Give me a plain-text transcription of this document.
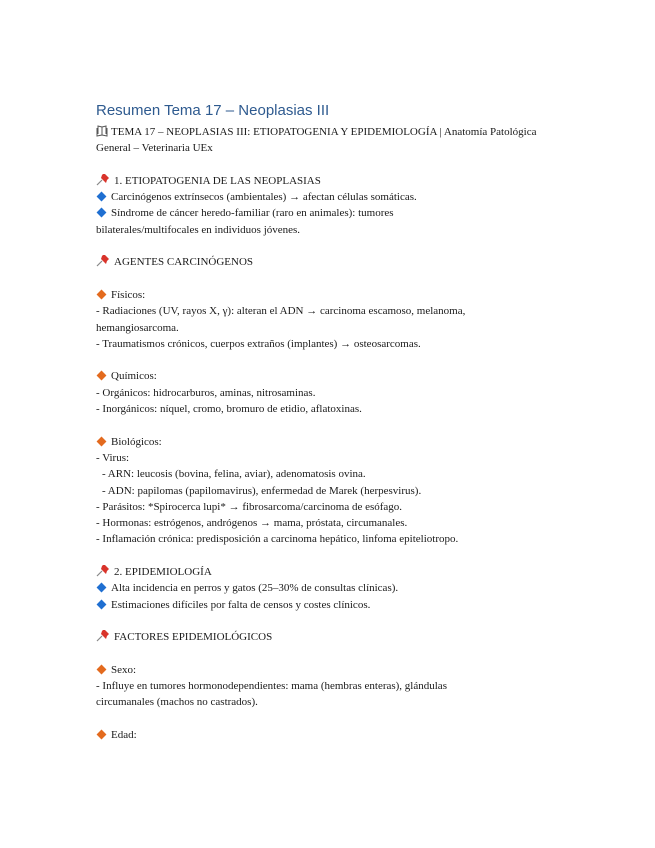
Resumen Tema 17 – Neoplasias III
TEMA 17 – NEOPLASIAS III: ETIOPATOGENIA Y EPIDEMIOLOGÍA | Anatomía Patológica
General – Veterinaria UEx
1. ETIOPATOGENIA DE LAS NEOPLASIAS
Carcinógenos extrínsecos (ambientales) → afectan células somáticas.
Síndrome de cáncer heredo-familiar (raro en animales): tumores
bilaterales/multifocales en individuos jóvenes.
AGENTES CARCINÓGENOS
Físicos:
- Radiaciones (UV, rayos X, γ): alteran el ADN → carcinoma escamoso, melanoma,
hemangiosarcoma.
- Traumatismos crónicos, cuerpos extraños (implantes) → osteosarcomas.
Químicos:
- Orgánicos: hidrocarburos, aminas, nitrosaminas.
- Inorgánicos: níquel, cromo, bromuro de etidio, aflatoxinas.
Biológicos:
- Virus:
- ARN: leucosis (bovina, felina, aviar), adenomatosis ovina.
- ADN: papilomas (papilomavirus), enfermedad de Marek (herpesvirus).
- Parásitos: *Spirocerca lupi* → fibrosarcoma/carcinoma de esófago.
- Hormonas: estrógenos, andrógenos → mama, próstata, circumanales.
- Inflamación crónica: predisposición a carcinoma hepático, linfoma epiteliotropo.
2. EPIDEMIOLOGÍA
Alta incidencia en perros y gatos (25–30% de consultas clínicas).
Estimaciones difíciles por falta de censos y costes clínicos.
FACTORES EPIDEMIOLÓGICOS
Sexo:
- Influye en tumores hormonodependientes: mama (hembras enteras), glándulas
circumanales (machos no castrados).
Edad:
